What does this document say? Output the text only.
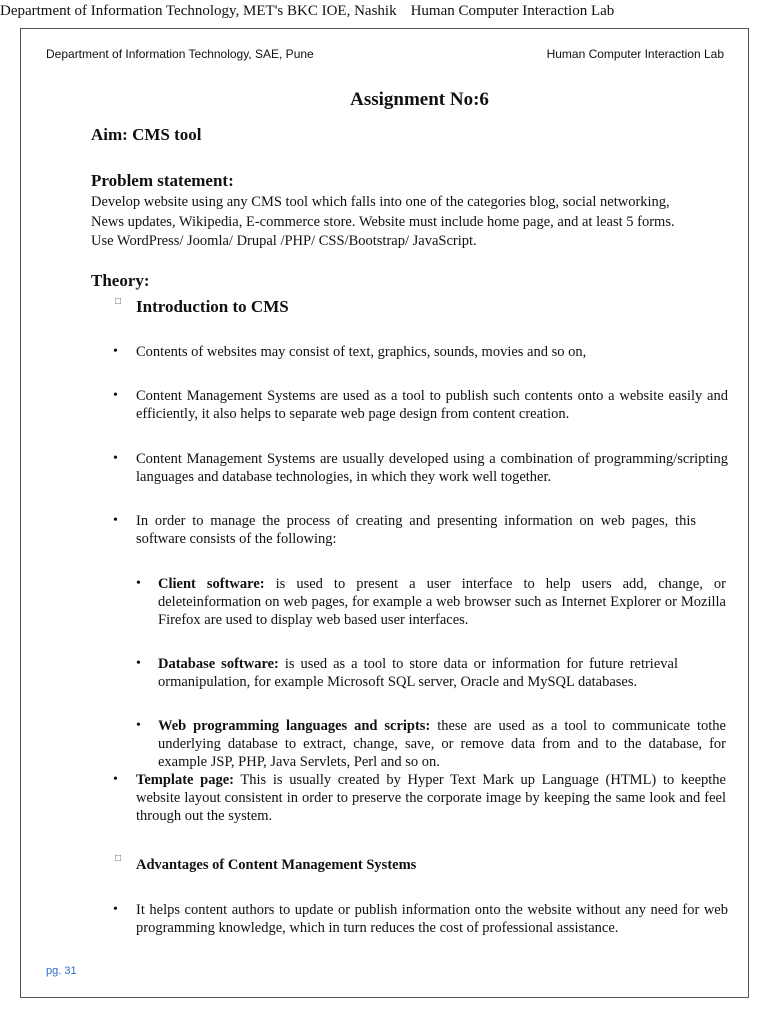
Department of Information Technology, MET's BKC IOE, Nashik Human Computer Interaction Lab
Department of Information Technology, SAE, Pune	Human Computer Interaction Lab
Assignment No:6
Aim: CMS tool
Problem statement:
Develop website using any CMS tool which falls into one of the categories blog, social networking,
News updates, Wikipedia, E-commerce store. Website must include home page, and at least 5 forms.
Use WordPress/ Joomla/ Drupal /PHP/ CSS/Bootstrap/ JavaScript.
Theory:
□ Introduction to CMS
• Contents of websites may consist of text, graphics, sounds, movies and so on,
• Content Management Systems are used as a tool to publish such contents onto a website easily and efficiently, it also helps to separate web page design from content creation.
• Content Management Systems are usually developed using a combination of programming/scripting languages and database technologies, in which they work well together.
• In order to manage the process of creating and presenting information on web pages, this software consists of the following:
• Client software: is used to present a user interface to help users add, change, or deleteinformation on web pages, for example a web browser such as Internet Explorer or Mozilla Firefox are used to display web based user interfaces.
• Database software: is used as a tool to store data or information for future retrieval ormanipulation, for example Microsoft SQL server, Oracle and MySQL databases.
• Web programming languages and scripts: these are used as a tool to communicate tothe underlying database to extract, change, save, or remove data from and to the database, for example JSP, PHP, Java Servlets, Perl and so on.
• Template page: This is usually created by Hyper Text Mark up Language (HTML) to keepthe website layout consistent in order to preserve the corporate image by keeping the same look and feel through out the system.
□ Advantages of Content Management Systems
• It helps content authors to update or publish information onto the website without any need for web programming knowledge, which in turn reduces the cost of professional assistance.
pg. 31
